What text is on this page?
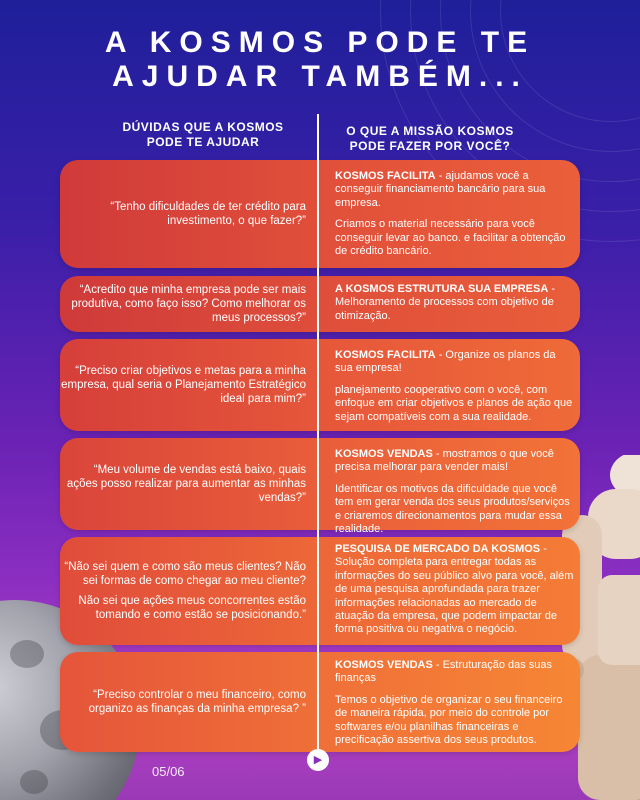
A KOSMOS PODE TE
AJUDAR TAMBÉM...
DÚVIDAS QUE A KOSMOS
PODE TE AJUDAR
O QUE A MISSÃO KOSMOS
PODE FAZER POR VOCÊ?

“Tenho dificuldades de ter crédito para investimento, o que fazer?”

KOSMOS FACILITA - ajudamos você a conseguir financiamento bancário para sua empresa.

Criamos o material necessário para você conseguir levar ao banco. e facilitar a obtenção de crédito bancário.

“Acredito que minha empresa pode ser mais produtiva, como faço isso? Como melhorar os meus processos?”

A KOSMOS ESTRUTURA SUA EMPRESA - Melhoramento de processos com objetivo de otimização.

“Preciso criar objetivos e metas para a minha empresa, qual seria o Planejamento Estratégico ideal para mim?”

KOSMOS FACILITA - Organize os planos da sua empresa!

planejamento cooperativo com o você, com enfoque em criar objetivos e planos de ação que sejam compatíveis com a sua realidade.

“Meu volume de vendas está baixo, quais ações posso realizar para aumentar as minhas vendas?”

KOSMOS VENDAS - mostramos o que você precisa melhorar para vender mais!

Identificar os motivos da dificuldade que você tem em gerar venda dos seus produtos/serviços e criaremos direcionamentos para mudar essa realidade.

“Não sei quem e como são meus clientes? Não sei formas de como chegar ao meu cliente?

Não sei que ações meus concorrentes estão tomando e como estão se posicionando.”

PESQUISA DE MERCADO DA KOSMOS - Solução completa para entregar todas as informações do seu público alvo para você, além de uma pesquisa aprofundada para trazer informações relacionadas ao mercado de atuação da empresa, que podem impactar de forma positiva ou negativa o negócio.

“Preciso controlar o meu financeiro, como organizo as finanças da minha empresa? ”

KOSMOS VENDAS - Estruturação das suas finanças

Temos o objetivo de organizar o seu financeiro de maneira rápida, por meio do controle por softwares e/ou planilhas financeiras e precificação assertiva dos seus produtos.

▶
05/06
